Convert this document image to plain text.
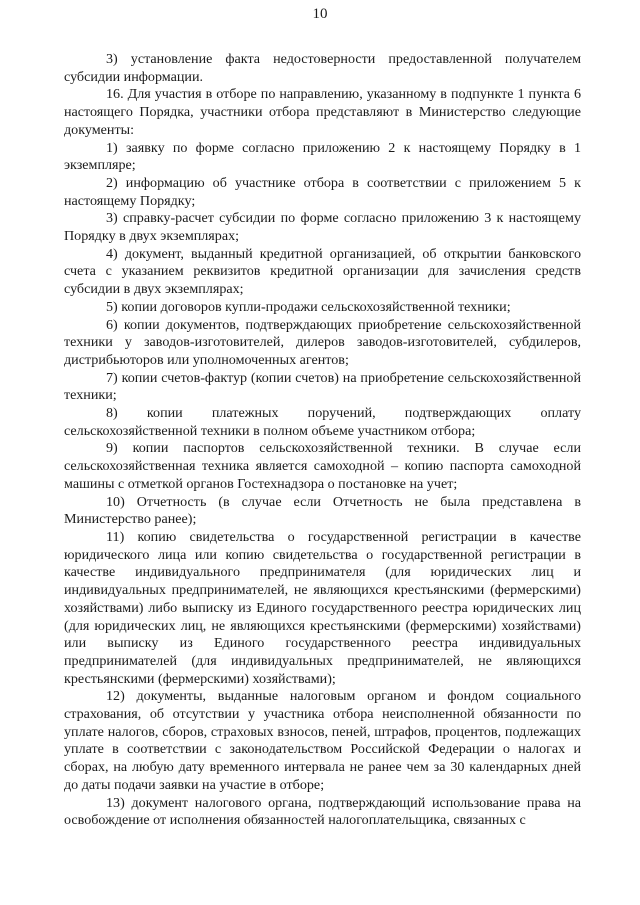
10

3) установление факта недостоверности предоставленной получателем субсидии информации.

16. Для участия в отборе по направлению, указанному в подпункте 1 пункта 6 настоящего Порядка, участники отбора представляют в Министерство следующие документы:

1) заявку по форме согласно приложению 2 к настоящему Порядку в 1 экземпляре;

2) информацию об участнике отбора в соответствии с приложением 5 к настоящему Порядку;

3) справку-расчет субсидии по форме согласно приложению 3 к настоящему Порядку в двух экземплярах;

4) документ, выданный кредитной организацией, об открытии банковского счета с указанием реквизитов кредитной организации для зачисления средств субсидии в двух экземплярах;

5) копии договоров купли-продажи сельскохозяйственной техники;

6) копии документов, подтверждающих приобретение сельскохозяйственной техники у заводов-изготовителей, дилеров заводов-изготовителей, субдилеров, дистрибьюторов или уполномоченных агентов;

7) копии счетов-фактур (копии счетов) на приобретение сельскохозяйственной техники;

8) копии платежных поручений, подтверждающих оплату сельскохозяйственной техники в полном объеме участником отбора;

9) копии паспортов сельскохозяйственной техники. В случае если сельскохозяйственная техника является самоходной – копию паспорта самоходной машины с отметкой органов Гостехнадзора о постановке на учет;

10) Отчетность (в случае если Отчетность не была представлена в Министерство ранее);

11) копию свидетельства о государственной регистрации в качестве юридического лица или копию свидетельства о государственной регистрации в качестве индивидуального предпринимателя (для юридических лиц и индивидуальных предпринимателей, не являющихся крестьянскими (фермерскими) хозяйствами) либо выписку из Единого государственного реестра юридических лиц (для юридических лиц, не являющихся крестьянскими (фермерскими) хозяйствами) или выписку из Единого государственного реестра индивидуальных предпринимателей (для индивидуальных предпринимателей, не являющихся крестьянскими (фермерскими) хозяйствами);

12) документы, выданные налоговым органом и фондом социального страхования, об отсутствии у участника отбора неисполненной обязанности по уплате налогов, сборов, страховых взносов, пеней, штрафов, процентов, подлежащих уплате в соответствии с законодательством Российской Федерации о налогах и сборах, на любую дату временного интервала не ранее чем за 30 календарных дней до даты подачи заявки на участие в отборе;

13) документ налогового органа, подтверждающий использование права на освобождение от исполнения обязанностей налогоплательщика, связанных с
